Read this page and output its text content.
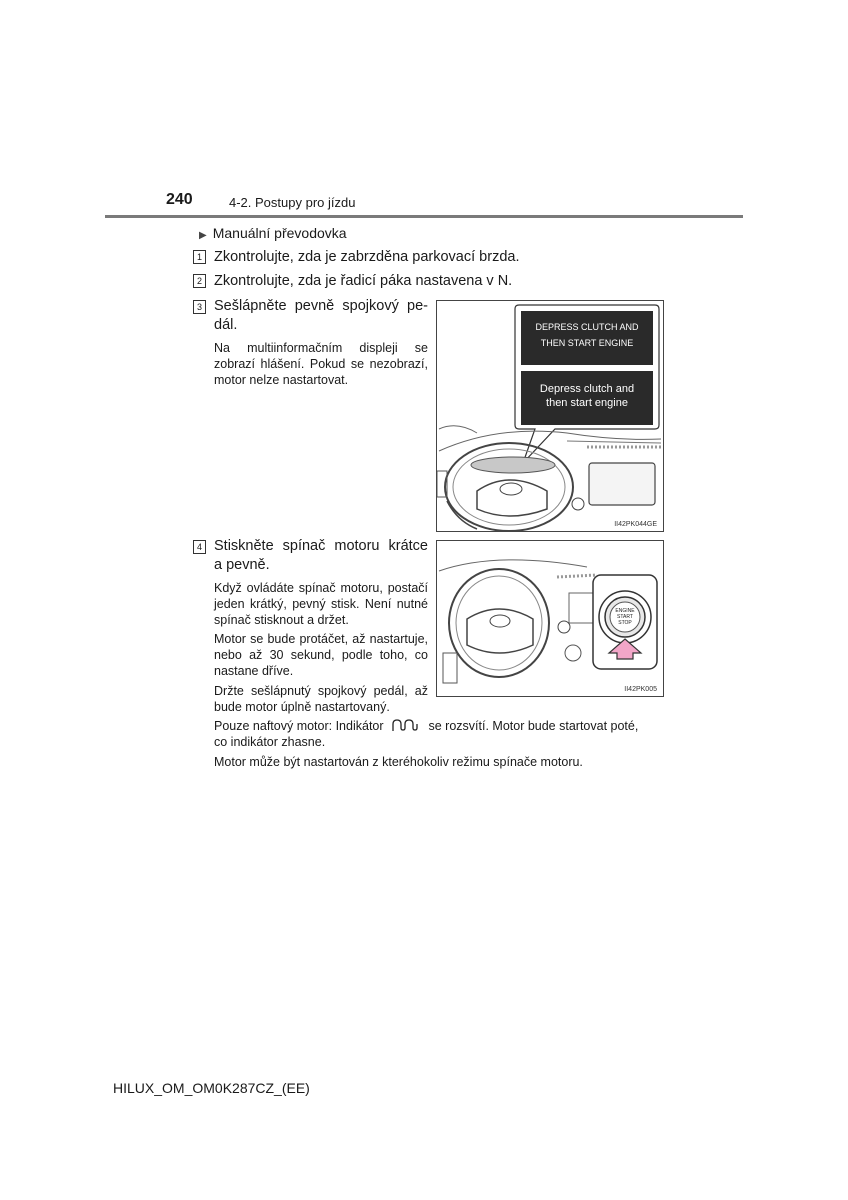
240	4-2. Postupy pro jízdu
▶ Manuální převodovka
1 Zkontrolujte, zda je zabrzděna parkovací brzda.
2 Zkontrolujte, zda je řadicí páka nastavena v N.
3 Sešlápněte pevně spojkový pe-
dál.
Na multiinformačním displeji se zobrazí hlášení. Pokud se nezobrazí, motor nelze nastartovat.
DEPRESS CLUTCH AND
THEN START ENGINE
Depress clutch and
then start engine
II42PK044GE
4 Stiskněte spínač motoru krátce
a pevně.
Když ovládáte spínač motoru, postačí jeden krátký, pevný stisk. Není nutné spínač stisknout a držet.
Motor se bude protáčet, až nastartuje, nebo až 30 sekund, podle toho, co nastane dříve.
Držte sešlápnutý spojkový pedál, až bude motor úplně nastartovaný.
ENGINE
START
STOP
II42PK005
Pouze naftový motor: Indikátor	se rozsvítí. Motor bude startovat poté,
co indikátor zhasne.
Motor může být nastartován z kteréhokoliv režimu spínače motoru.
HILUX_OM_OM0K287CZ_(EE)
